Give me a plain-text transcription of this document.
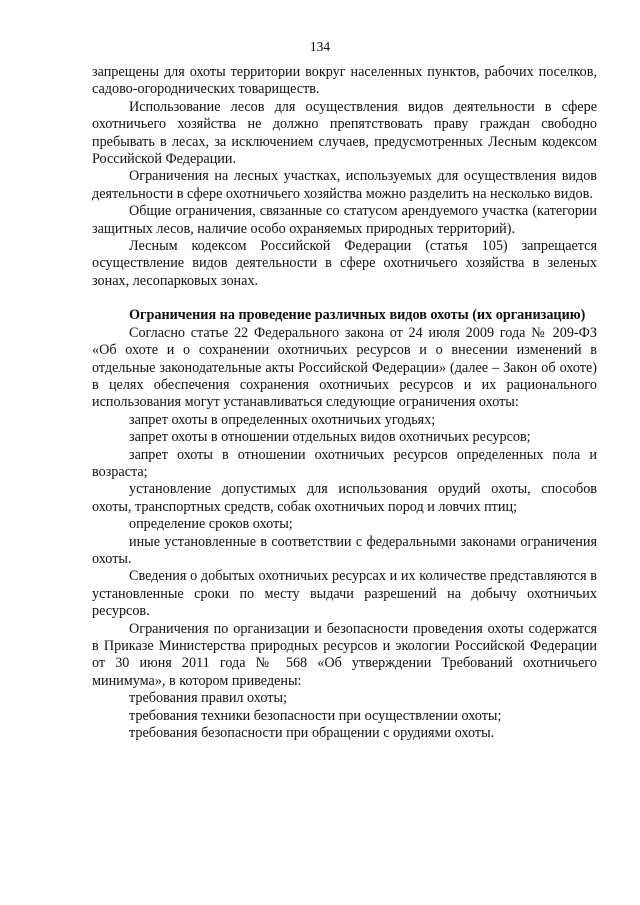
134

запрещены для охоты территории вокруг населенных пунктов, рабочих поселков, садово-огороднических товариществ.

Использование лесов для осуществления видов деятельности в сфере охотничьего хозяйства не должно препятствовать праву граждан свободно пребывать в лесах, за исключением случаев, предусмотренных Лесным кодексом Российской Федерации.

Ограничения на лесных участках, используемых для осуществления видов деятельности в сфере охотничьего хозяйства можно разделить на несколько видов.

Общие ограничения, связанные со статусом арендуемого участка (категории защитных лесов, наличие особо охраняемых природных территорий).

Лесным кодексом Российской Федерации (статья 105) запрещается осуществление видов деятельности в сфере охотничьего хозяйства в зеленых зонах, лесопарковых зонах.

Ограничения на проведение различных видов охоты (их организацию)

Согласно статье 22 Федерального закона от 24 июля 2009 года № 209-ФЗ «Об охоте и о сохранении охотничьих ресурсов и о внесении изменений в отдельные законодательные акты Российской Федерации» (далее – Закон об охоте) в целях обеспечения сохранения охотничьих ресурсов и их рационального использования могут устанавливаться следующие ограничения охоты:

запрет охоты в определенных охотничьих угодьях;

запрет охоты в отношении отдельных видов охотничьих ресурсов;

запрет охоты в отношении охотничьих ресурсов определенных пола и возраста;

установление допустимых для использования орудий охоты, способов охоты, транспортных средств, собак охотничьих пород и ловчих птиц;

определение сроков охоты;

иные установленные в соответствии с федеральными законами ограничения охоты.

Сведения о добытых охотничьих ресурсах и их количестве представляются в установленные сроки по месту выдачи разрешений на добычу охотничьих ресурсов.

Ограничения по организации и безопасности проведения охоты содержатся в Приказе Министерства природных ресурсов и экологии Российской Федерации от 30 июня 2011 года № 568 «Об утверждении Требований охотничьего минимума», в котором приведены:

требования правил охоты;

требования техники безопасности при осуществлении охоты;

требования безопасности при обращении с орудиями охоты.
